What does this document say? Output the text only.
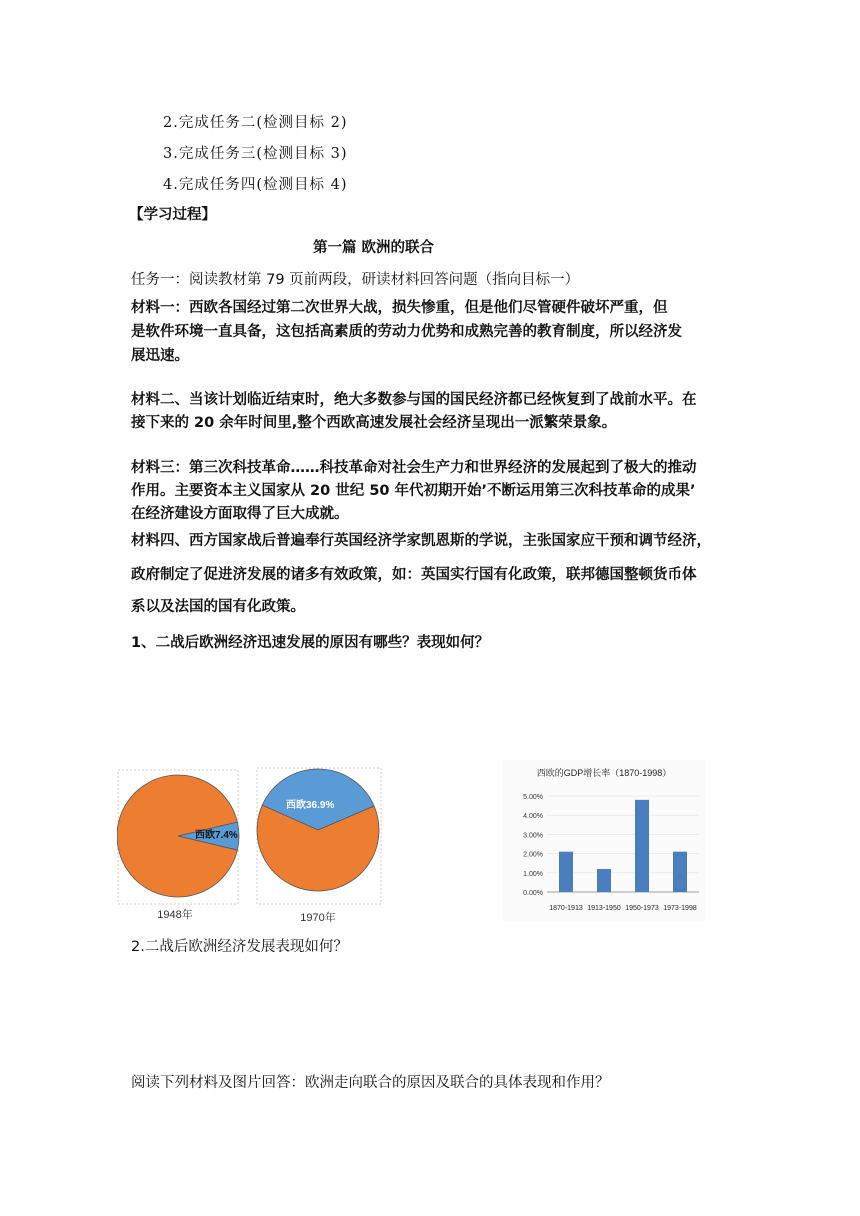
2.完成任务二(检测目标 2)
3.完成任务三(检测目标 3)
4.完成任务四(检测目标 4)
【学习过程】
第一篇 欧洲的联合
任务一：阅读教材第 79 页前两段，研读材料回答问题（指向目标一）
材料一：西欧各国经过第二次世界大战，损失惨重，但是他们尽管硬件破坏严重，但
是软件环境一直具备，这包括高素质的劳动力优势和成熟完善的教育制度，所以经济发
展迅速。
材料二、当该计划临近结束时，绝大多数参与国的国民经济都已经恢复到了战前水平。在
接下来的 20 余年时间里,整个西欧高速发展社会经济呈现出一派繁荣景象。
材料三：第三次科技革命……科技革命对社会生产力和世界经济的发展起到了极大的推动
作用。主要资本主义国家从 20 世纪 50 年代初期开始’不断运用第三次科技革命的成果’
在经济建设方面取得了巨大成就。
材料四、西方国家战后普遍奉行英国经济学家凯恩斯的学说，主张国家应干预和调节经济，
政府制定了促进济发展的诸多有效政策，如：英国实行国有化政策，联邦德国整顿货币体
系以及法国的国有化政策。
1、二战后欧洲经济迅速发展的原因有哪些？表现如何？
西欧7.4%
1948年
西欧36.9%
1970年
西欧的GDP增长率（1870-1998）
0.00%
1.00%
2.00%
3.00%
4.00%
5.00%
1870-1913 1913-1950 1950-1973 1973-1998
2.二战后欧洲经济发展表现如何？
阅读下列材料及图片回答：欧洲走向联合的原因及联合的具体表现和作用？
